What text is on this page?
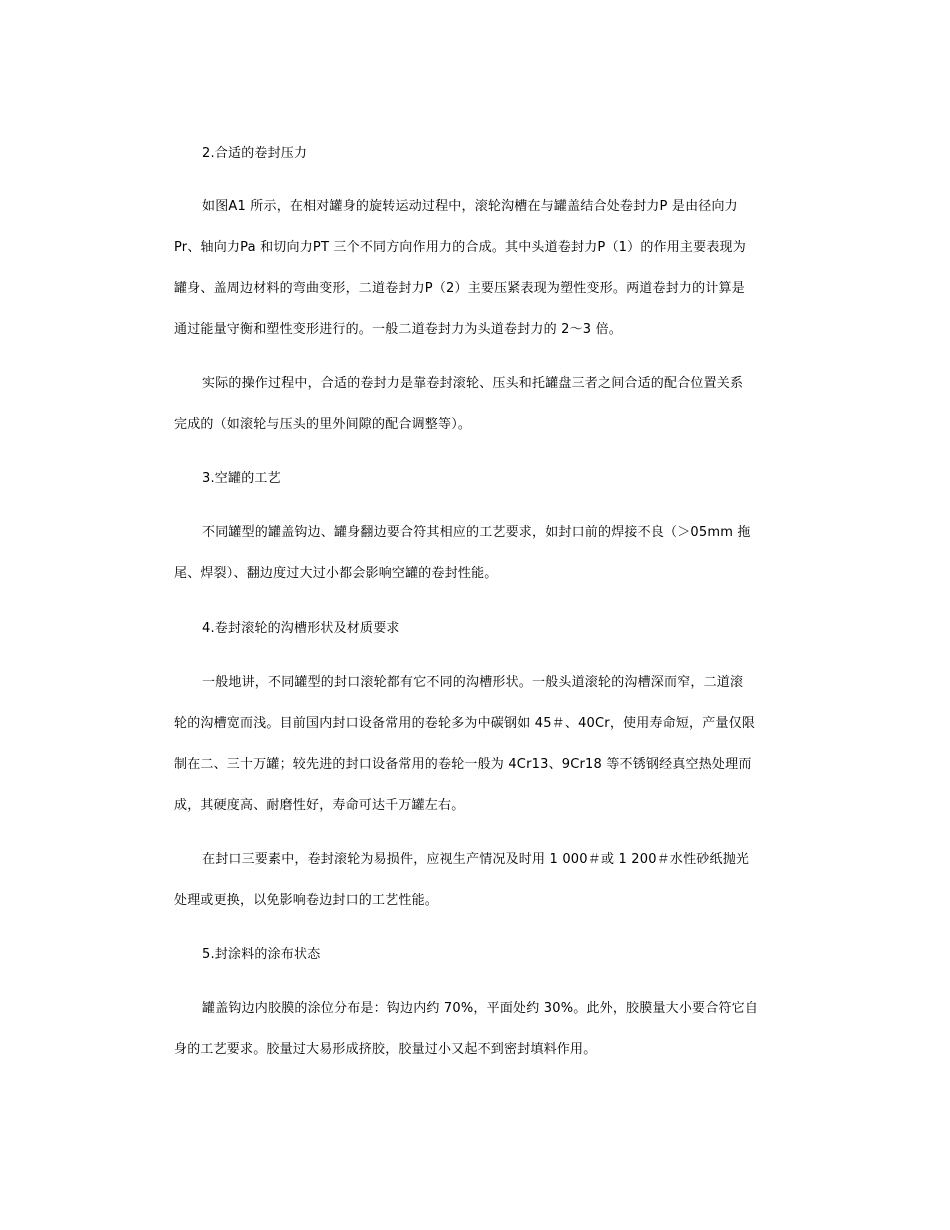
2.合适的卷封压力
如图A1 所示，在相对罐身的旋转运动过程中，滚轮沟槽在与罐盖结合处卷封力P 是由径向力
Pr、轴向力Pa 和切向力PT 三个不同方向作用力的合成。其中头道卷封力P（1）的作用主要表现为
罐身、盖周边材料的弯曲变形，二道卷封力P（2）主要压紧表现为塑性变形。两道卷封力的计算是
通过能量守衡和塑性变形进行的。一般二道卷封力为头道卷封力的 2～3 倍。
实际的操作过程中，合适的卷封力是靠卷封滚轮、压头和托罐盘三者之间合适的配合位置关系
完成的（如滚轮与压头的里外间隙的配合调整等）。
3.空罐的工艺
不同罐型的罐盖钩边、罐身翻边要合符其相应的工艺要求，如封口前的焊接不良（＞05mm 拖
尾、焊裂）、翻边度过大过小都会影响空罐的卷封性能。
4.卷封滚轮的沟槽形状及材质要求
一般地讲，不同罐型的封口滚轮都有它不同的沟槽形状。一般头道滚轮的沟槽深而窄，二道滚
轮的沟槽宽而浅。目前国内封口设备常用的卷轮多为中碳钢如 45＃、40Cr，使用寿命短，产量仅限
制在二、三十万罐；较先进的封口设备常用的卷轮一般为 4Cr13、9Cr18 等不锈钢经真空热处理而
成，其硬度高、耐磨性好，寿命可达千万罐左右。
在封口三要素中，卷封滚轮为易损件，应视生产情况及时用 1 000＃或 1 200＃水性砂纸抛光
处理或更换，以免影响卷边封口的工艺性能。
5.封涂料的涂布状态
罐盖钩边内胶膜的涂位分布是：钩边内约 70%，平面处约 30%。此外，胶膜量大小要合符它自
身的工艺要求。胶量过大易形成挤胶，胶量过小又起不到密封填料作用。
